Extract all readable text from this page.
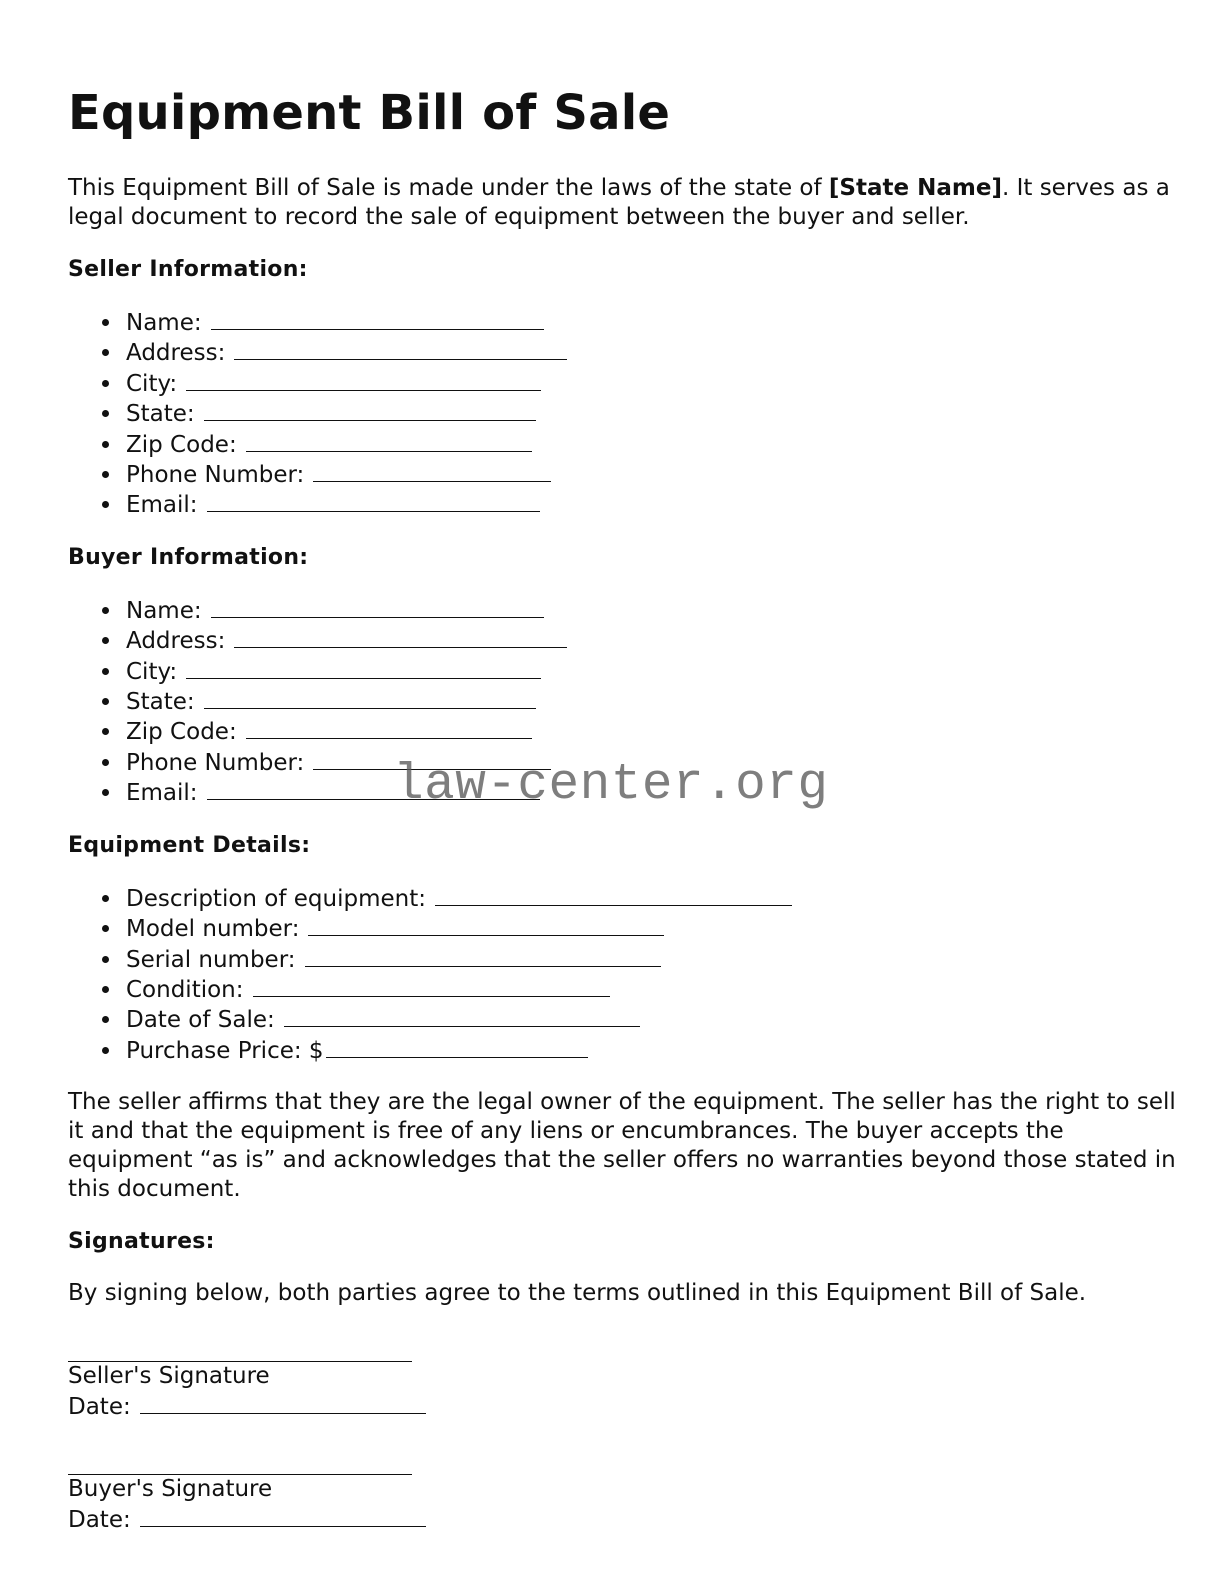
Equipment Bill of Sale

This Equipment Bill of Sale is made under the laws of the state of [State Name]. It serves as a legal document to record the sale of equipment between the buyer and seller.

Seller Information:
Name:
Address:
City:
State:
Zip Code:
Phone Number:
Email:
Buyer Information:
Name:
Address:
City:
State:
Zip Code:
Phone Number:
Email:
Equipment Details:
Description of equipment:
Model number:
Serial number:
Condition:
Date of Sale:
Purchase Price: $

The seller affirms that they are the legal owner of the equipment. The seller has the right to sell it and that the equipment is free of any liens or encumbrances. The buyer accepts the equipment “as is” and acknowledges that the seller offers no warranties beyond those stated in this document.

Signatures:

By signing below, both parties agree to the terms outlined in this Equipment Bill of Sale.

Seller's Signature

Date:

Buyer's Signature

Date:

law-center.org
